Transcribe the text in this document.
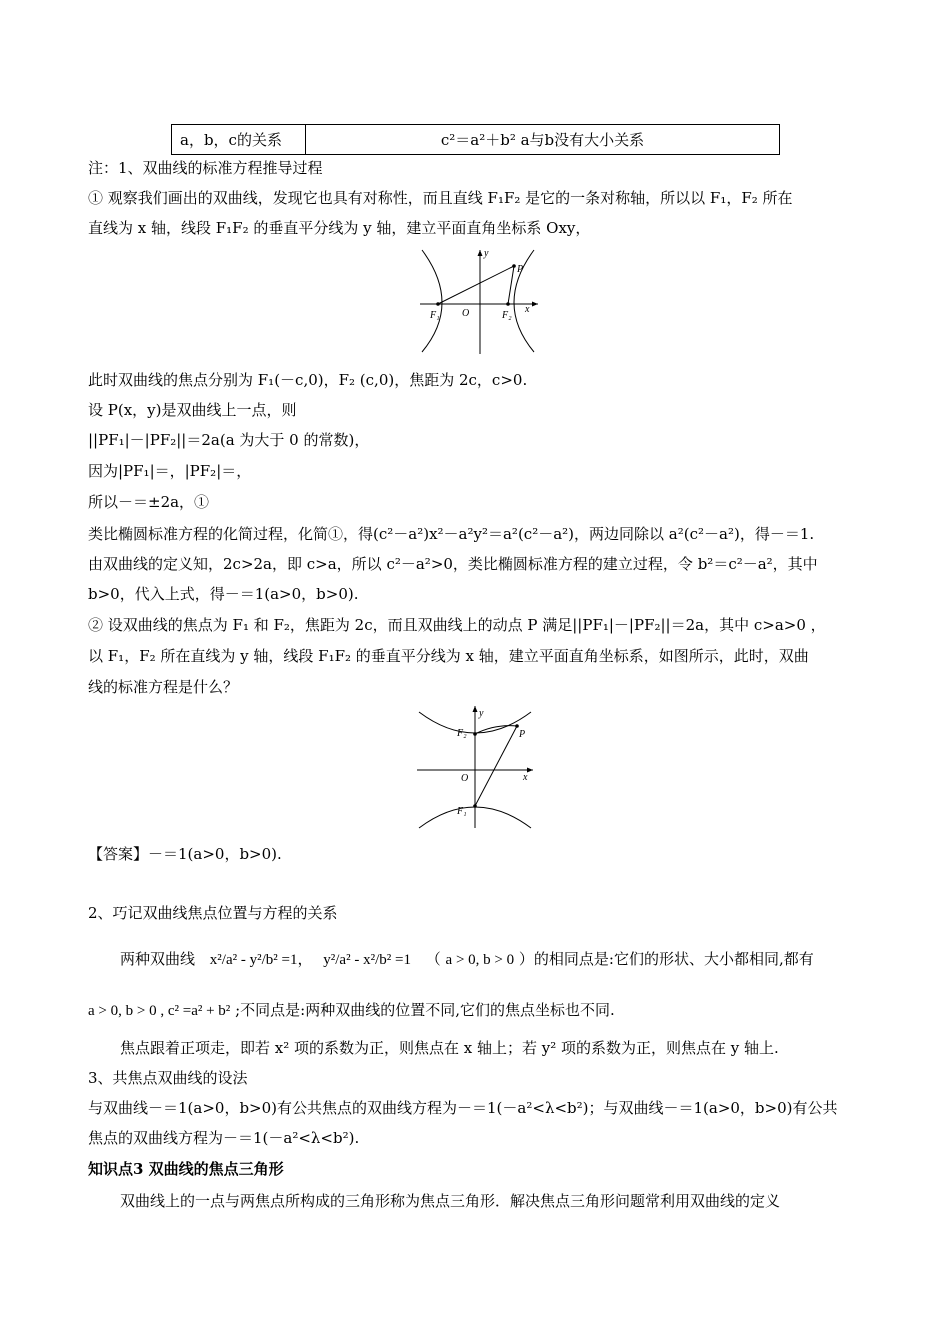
a，b，c的关系	c²＝a²＋b² a与b没有大小关系
注：1、双曲线的标准方程推导过程
① 观察我们画出的双曲线，发现它也具有对称性，而且直线 F₁F₂ 是它的一条对称轴，所以以 F₁，F₂ 所在
直线为 x 轴，线段 F₁F₂ 的垂直平分线为 y 轴，建立平面直角坐标系 Oxy，
y
x
O
P
F₁	F₂
此时双曲线的焦点分别为 F₁(－c,0)，F₂ (c,0)，焦距为 2c，c>0.
设 P(x，y)是双曲线上一点，则
||PF₁|－|PF₂||＝2a(a 为大于 0 的常数)，
因为|PF₁|＝，|PF₂|＝，
所以－＝±2a，①
类比椭圆标准方程的化简过程，化简①，得(c²－a²)x²－a²y²＝a²(c²－a²)，两边同除以 a²(c²－a²)，得－＝1.
由双曲线的定义知，2c>2a，即 c>a，所以 c²－a²>0，类比椭圆标准方程的建立过程，令 b²＝c²－a²，其中
b>0，代入上式，得－＝1(a>0，b>0).
② 设双曲线的焦点为 F₁ 和 F₂，焦距为 2c，而且双曲线上的动点 P 满足||PF₁|－|PF₂||＝2a，其中 c>a>0 ，
以 F₁，F₂ 所在直线为 y 轴，线段 F₁F₂ 的垂直平分线为 x 轴，建立平面直角坐标系，如图所示，此时，双曲
线的标准方程是什么？
y
x
O
P
F₂
F₁
【答案】－＝1(a>0，b>0).
2、巧记双曲线焦点位置与方程的关系
两种双曲线 x²/a² - y²/b² =1， y²/a² - x²/b² =1 （ a > 0, b > 0 ）的相同点是:它们的形状、大小都相同,都有
a > 0, b > 0 , c² =a² + b² ;不同点是:两种双曲线的位置不同,它们的焦点坐标也不同.
焦点跟着正项走，即若 x² 项的系数为正，则焦点在 x 轴上；若 y² 项的系数为正，则焦点在 y 轴上.
3、共焦点双曲线的设法
与双曲线－＝1(a>0，b>0)有公共焦点的双曲线方程为－＝1(－a²<λ<b²)；与双曲线－＝1(a>0，b>0)有公共
焦点的双曲线方程为－＝1(－a²<λ<b²).
知识点3 双曲线的焦点三角形
双曲线上的一点与两焦点所构成的三角形称为焦点三角形．解决焦点三角形问题常利用双曲线的定义
